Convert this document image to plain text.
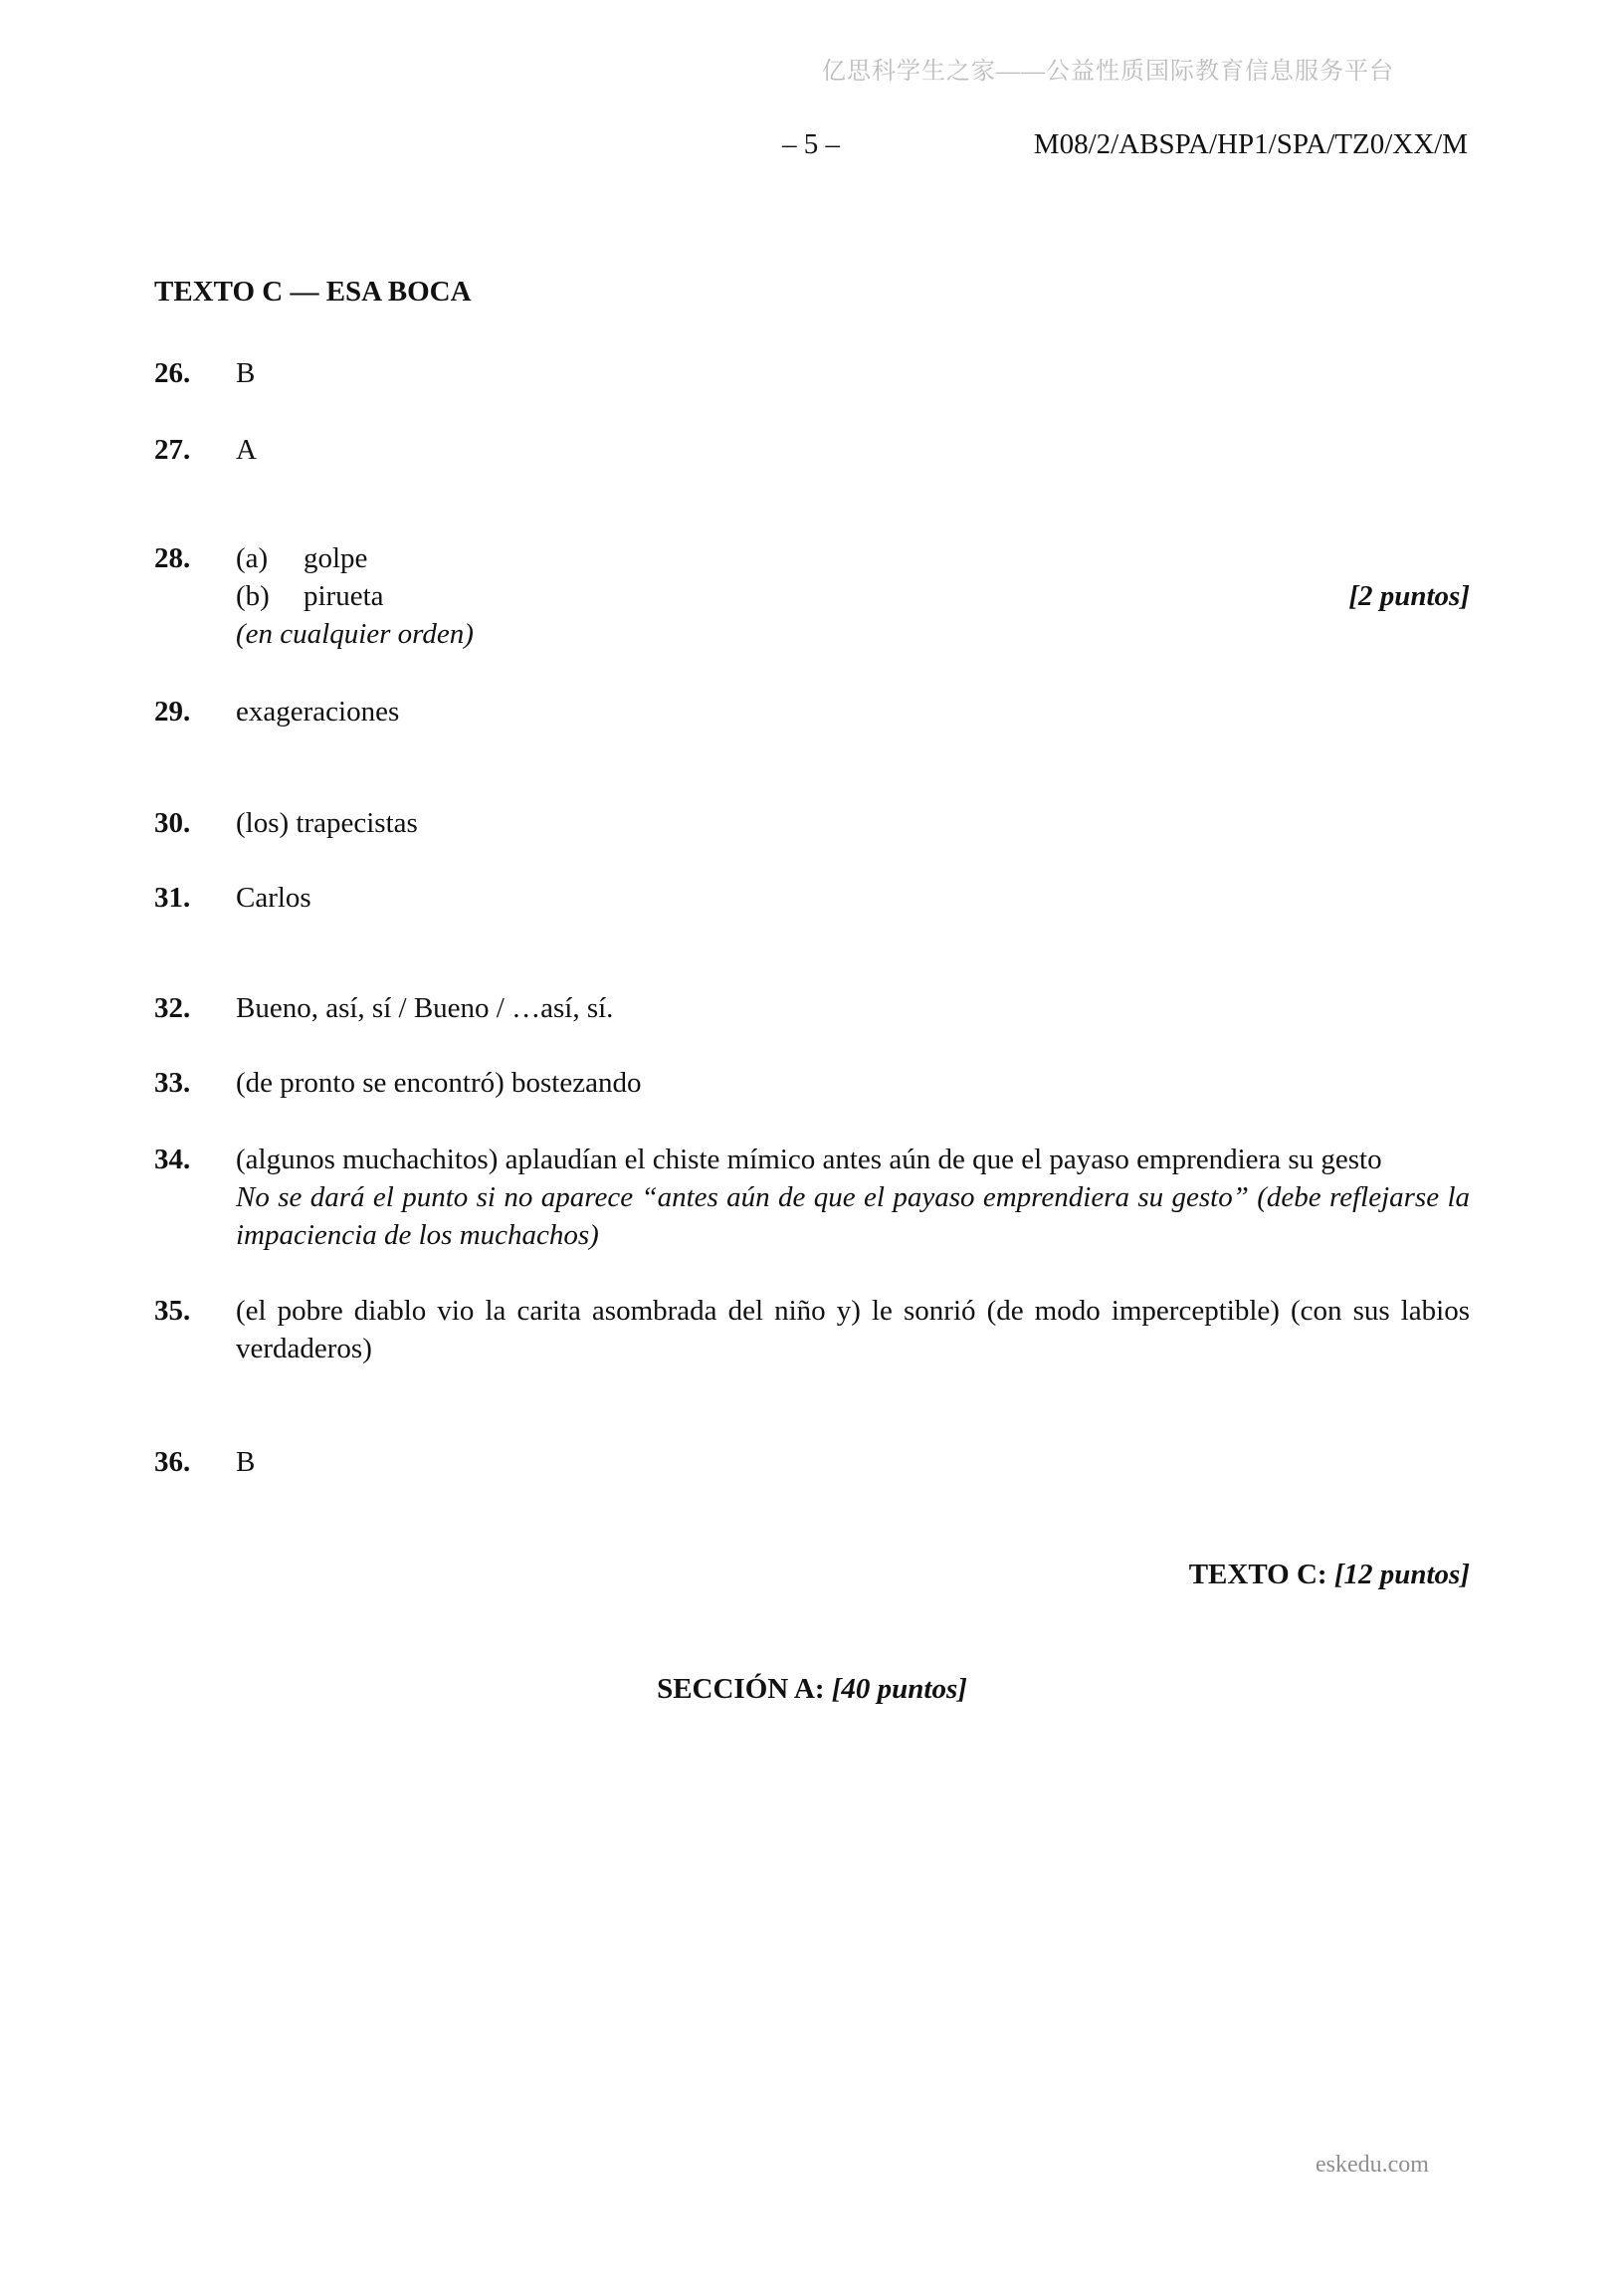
亿思科学生之家——公益性质国际教育信息服务平台
– 5 –	M08/2/ABSPA/HP1/SPA/TZ0/XX/M
TEXTO C — ESA BOCA
26.	B
27.	A
28.	(a)	golpe
(b)	pirueta	[2 puntos]
(en cualquier orden)
29.	exageraciones
30.	(los) trapecistas
31.	Carlos
32.	Bueno, así, sí / Bueno / …así, sí.
33.	(de pronto se encontró) bostezando
34.	(algunos muchachitos) aplaudían el chiste mímico antes aún de que el payaso emprendiera su gesto
No se dará el punto si no aparece “antes aún de que el payaso emprendiera su gesto” (debe reflejarse la impaciencia de los muchachos)
35.	(el pobre diablo vio la carita asombrada del niño y) le sonrió (de modo imperceptible) (con sus labios verdaderos)
36.	B
TEXTO C: [12 puntos]
SECCIÓN A: [40 puntos]
eskedu.com
